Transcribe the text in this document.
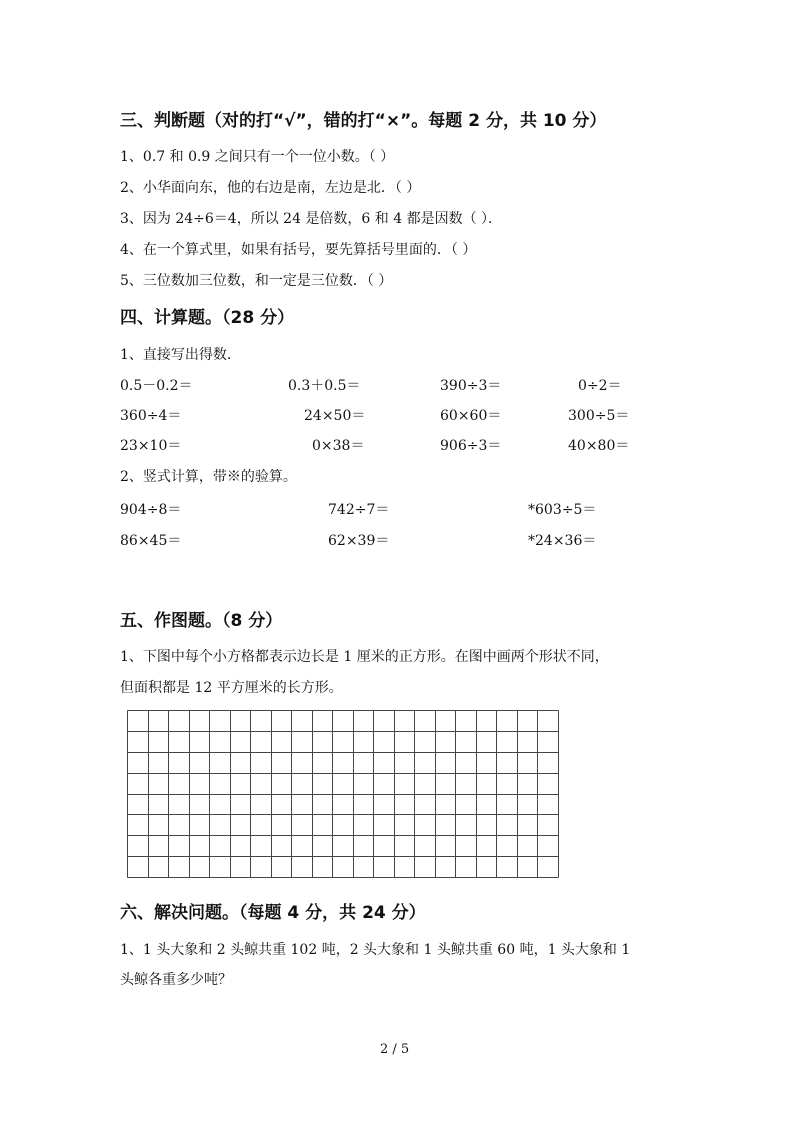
三、判断题（对的打“√”，错的打“×”。每题 2 分，共 10 分）
1、0.7 和 0.9 之间只有一个一位小数。（ ）
2、小华面向东，他的右边是南，左边是北．（ ）
3、因为 24÷6＝4，所以 24 是倍数，6 和 4 都是因数（ ）．
4、在一个算式里，如果有括号，要先算括号里面的．（ ）
5、三位数加三位数，和一定是三位数．（ ）
四、计算题。（28 分）
1、直接写出得数．
0.5－0.2＝	0.3＋0.5＝	390÷3＝	0÷2＝
360÷4＝	24×50＝	60×60＝	300÷5＝
23×10＝	0×38＝	906÷3＝	40×80＝
2、竖式计算，带※的验算。
904÷8＝	742÷7＝	*603÷5＝
86×45＝	62×39＝	*24×36＝
五、作图题。（8 分）
1、下图中每个小方格都表示边长是 1 厘米的正方形。在图中画两个形状不同，
但面积都是 12 平方厘米的长方形。
六、解决问题。（每题 4 分，共 24 分）
1、1 头大象和 2 头鲸共重 102 吨，2 头大象和 1 头鲸共重 60 吨，1 头大象和 1
头鲸各重多少吨？
2 / 5
